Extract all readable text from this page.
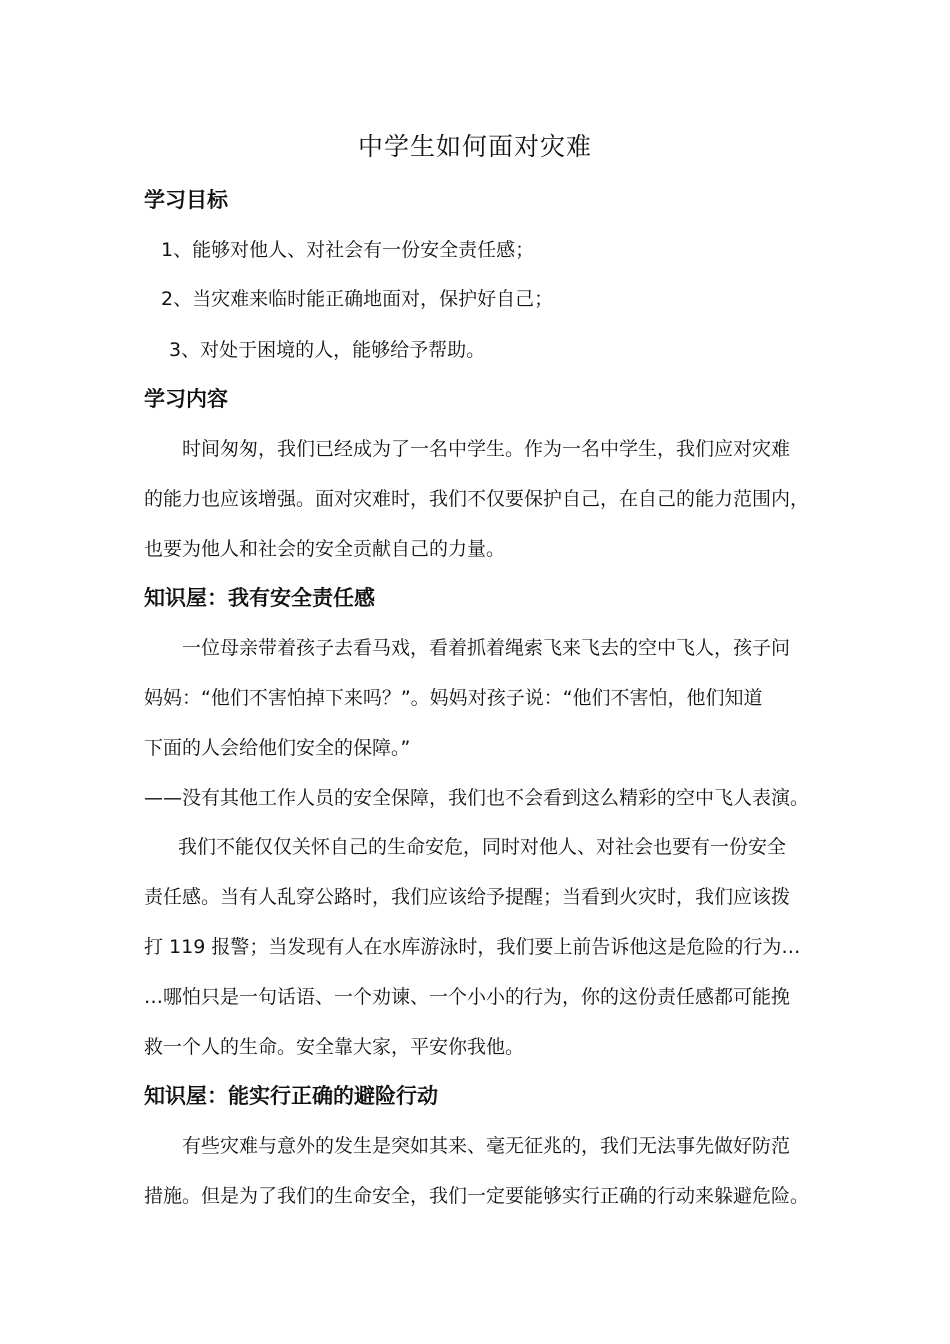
中学生如何面对灾难
学习目标
1、能够对他人、对社会有一份安全责任感；
2、当灾难来临时能正确地面对，保护好自己；
3、对处于困境的人，能够给予帮助。
学习内容
时间匆匆，我们已经成为了一名中学生。作为一名中学生，我们应对灾难
的能力也应该增强。面对灾难时，我们不仅要保护自己，在自己的能力范围内，
也要为他人和社会的安全贡献自己的力量。
知识屋：我有安全责任感
一位母亲带着孩子去看马戏，看着抓着绳索飞来飞去的空中飞人，孩子问
妈妈：“他们不害怕掉下来吗？”。妈妈对孩子说：“他们不害怕，他们知道
下面的人会给他们安全的保障。”
——没有其他工作人员的安全保障，我们也不会看到这么精彩的空中飞人表演。
我们不能仅仅关怀自己的生命安危，同时对他人、对社会也要有一份安全
责任感。当有人乱穿公路时，我们应该给予提醒；当看到火灾时，我们应该拨
打 119 报警；当发现有人在水库游泳时，我们要上前告诉他这是危险的行为…
…哪怕只是一句话语、一个劝谏、一个小小的行为，你的这份责任感都可能挽
救一个人的生命。安全靠大家，平安你我他。
知识屋：能实行正确的避险行动
有些灾难与意外的发生是突如其来、毫无征兆的，我们无法事先做好防范
措施。但是为了我们的生命安全，我们一定要能够实行正确的行动来躲避危险。
